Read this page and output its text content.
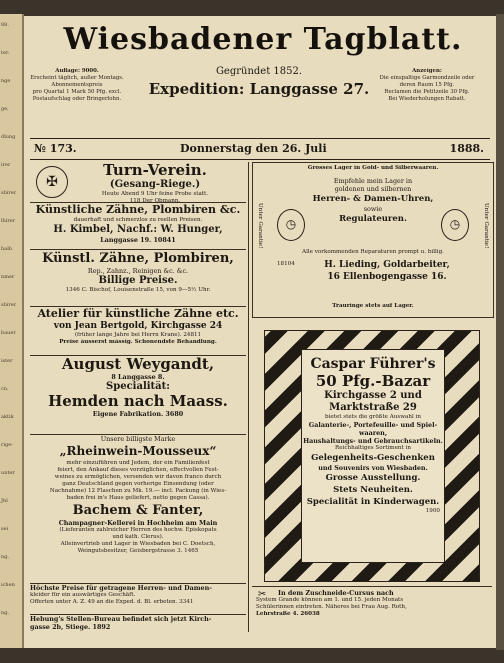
88.
ter.
nge
ge,
dlung
irer
sbirer
lhirer
halb
nmer
sbirer
bauer
ister
cn.
aktik
rige-
unter
Jhl
sei
ng.
ichen
ng.
Wiesbadener Tagblatt.
Auflage: 9000.
Erscheint täglich, außer Montags.
Abonnementspreis
pro Quartal 1 Mark 50 Pfg. excl.
Postaufschlag oder Bringerlohn.
Gegründet 1852.
Expedition: Langgasse 27.
Anzeigen:
Die einspaltige Garmondzeile oder
deren Raum 15 Pfg.
Reclamen die Petitzeile 30 Pfg.
Bei Wiederholungen Rabatt.
№ 173.	Donnerstag den 26. Juli	1888.
✠
Turn-Verein.
(Gesang-Riege.)
Heute Abend 9 Uhr feine Probe statt.
118 Der Obmann.
Künstliche Zähne, Plombiren &c.
dauerhaft und schmerzlos zu reellen Preisen.
H. Kimbel, Nachf.: W. Hunger,
Langgasse 19. 10841
Künstl. Zähne, Plombiren,
Rep., Zahnz., Reinigen &c. &c.
Billige Preise.
1346 C. Bischof, Louisenstraße 15, von 9—5½ Uhr.
Atelier für künstliche Zähne etc.
von Jean Bertgold, Kirchgasse 24
(früher lange Jahre bei Herrn Krane). 24811
Preise äusserst mässig. Schonendste Behandlung.
August Weygandt,
8 Langgasse 8.
Specialität:
Hemden nach Maass.
Eigene Fabrikation. 3680
Unsere billigste Marke
„Rheinwein-Mousseux“
mehr einzuführen und Jedem, der ein Familienfest
feiert, den Ankauf dieses vorzüglichen, effectvollen Fest-
weines zu ermöglichen, versenden wir davon franco durch
ganz Deutschland gegen vorherige Einsendung (oder
Nachnahme) 12 Flaschen zu Mk. 19.— incl. Packung (in Wies-
baden frei in's Haus geliefert, netto gegen Cassa).
Bachem & Fanter,
Champagner-Kellerei in Hochheim am Main
(Lieferanten zahlreicher Herren des hochw. Episkopats
und kath. Clerus).
Alleinvertrieb und Lager in Wiesbaden bei C. Doetsch,
Weingutsbesitzer, Geisbergstrasse 3. 1465
Höchste Preise für getragene Herren- und Damen-
kleider für ein auswärtiges Geschäft.
Offerten unter A. Z. 49 an die Exped. d. Bl. erbeten. 3341
Hebung's Stellen-Bureau befindet sich jetzt Kirch-
gasse 2b, Stiege. 1892
Grosses Lager in Gold- und Silberwaaren.
Unter Garantie!	Unter Garantie!
◷	◷
Empfehle mein Lager in
goldenen und silbernen
Herren- & Damen-Uhren,
sowie
Regulateuren.
Alle vorkommenden Reparaturen prompt u. billig.
18104	H. Lieding, Goldarbeiter,
16 Ellenbogengasse 16.
Trauringe stets auf Lager.
Caspar Führer's
50 Pfg.-Bazar
Kirchgasse 2 und
Marktstraße 29
bietet stets die größte Auswahl in
Galanterie-, Portefeuille- und Spiel-
waaren,
Haushaltungs- und Gebrauchsartikeln.
Reichhaltiges Sortiment in
Gelegenheits-Geschenken
und Souvenirs von Wiesbaden.
Grosse Ausstellung.
Stets Neuheiten.
Specialität in Kinderwagen.
1900
✂	In dem Zuschneide-Cursus nach
System Grande können am 1. und 15. jeden Monats
Schülerinnen eintreten. Näheres bei Frau Aug. Roth,
Lehrstraße 4. 26038
